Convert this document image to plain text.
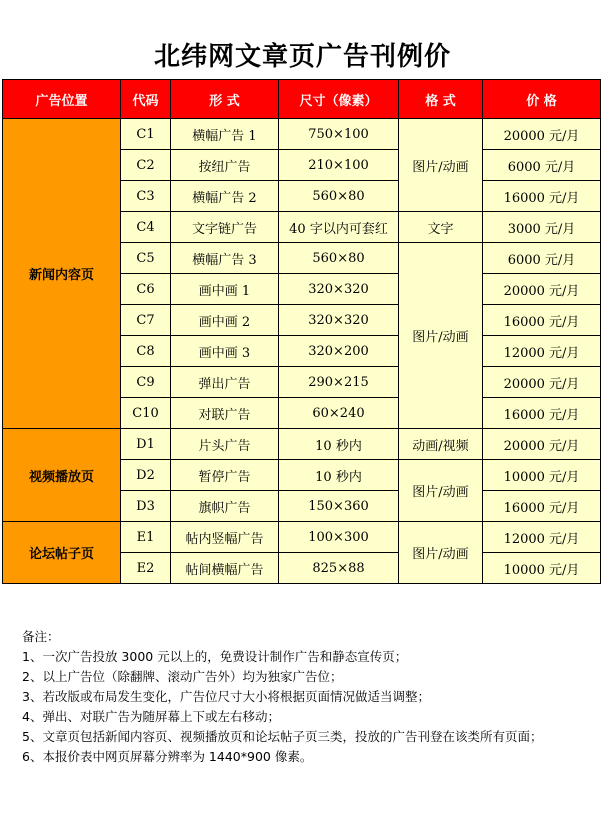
北纬网文章页广告刊例价
广告位置	代码	形 式	尺寸（像素）	格 式	价 格
新闻内容页	C1	横幅广告 1	750×100	图片/动画	20000 元/月
	C2	按纽广告	210×100		6000 元/月
	C3	横幅广告 2	560×80		16000 元/月
	C4	文字链广告	40 字以内可套红	文字	3000 元/月
	C5	横幅广告 3	560×80	图片/动画	6000 元/月
	C6	画中画 1	320×320		20000 元/月
	C7	画中画 2	320×320		16000 元/月
	C8	画中画 3	320×200		12000 元/月
	C9	弹出广告	290×215		20000 元/月
	C10	对联广告	60×240		16000 元/月
视频播放页	D1	片头广告	10 秒内	动画/视频	20000 元/月
	D2	暂停广告	10 秒内	图片/动画	10000 元/月
	D3	旗帜广告	150×360		16000 元/月
论坛帖子页	E1	帖内竖幅广告	100×300	图片/动画	12000 元/月
	E2	帖间横幅广告	825×88		10000 元/月
备注：
1、一次广告投放 3000 元以上的，免费设计制作广告和静态宣传页；
2、以上广告位（除翻牌、滚动广告外）均为独家广告位；
3、若改版或布局发生变化，广告位尺寸大小将根据页面情况做适当调整；
4、弹出、对联广告为随屏幕上下或左右移动；
5、文章页包括新闻内容页、视频播放页和论坛帖子页三类，投放的广告刊登在该类所有页面；
6、本报价表中网页屏幕分辨率为 1440*900 像素。
